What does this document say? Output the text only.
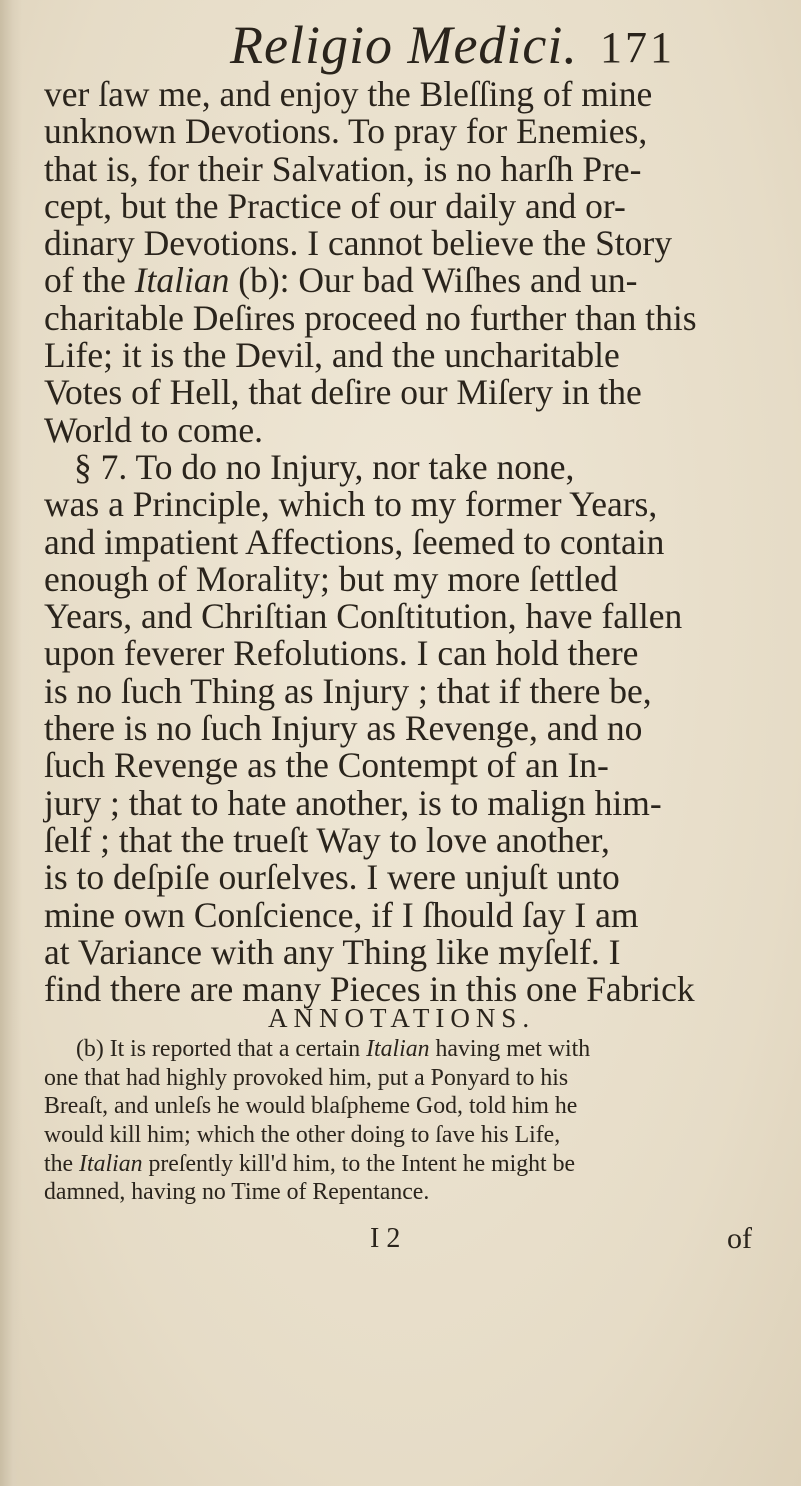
Religio Medici. 171
ver ſaw me, and enjoy the Bleſſing of mine
unknown Devotions. To pray for Enemies,
that is, for their Salvation, is no harſh Pre-
cept, but the Practice of our daily and or-
dinary Devotions. I cannot believe the Story
of the Italian (b): Our bad Wiſhes and un-
charitable Deſires proceed no further than this
Life; it is the Devil, and the uncharitable
Votes of Hell, that deſire our Miſery in the
World to come.
§ 7. To do no Injury, nor take none,
was a Principle, which to my former Years,
and impatient Affections, ſeemed to contain
enough of Morality; but my more ſettled
Years, and Chriſtian Conſtitution, have fallen
upon feverer Refolutions. I can hold there
is no ſuch Thing as Injury ; that if there be,
there is no ſuch Injury as Revenge, and no
ſuch Revenge as the Contempt of an In-
jury ; that to hate another, is to malign him-
ſelf ; that the trueſt Way to love another,
is to deſpiſe ourſelves. I were unjuſt unto
mine own Conſcience, if I ſhould ſay I am
at Variance with any Thing like myſelf. I
find there are many Pieces in this one Fabrick
ANNOTATIONS.
(b) It is reported that a certain Italian having met with
one that had highly provoked him, put a Ponyard to his
Breaſt, and unleſs he would blaſpheme God, told him he
would kill him; which the other doing to ſave his Life,
the Italian preſently kill'd him, to the Intent he might be
damned, having no Time of Repentance.
I 2	of
